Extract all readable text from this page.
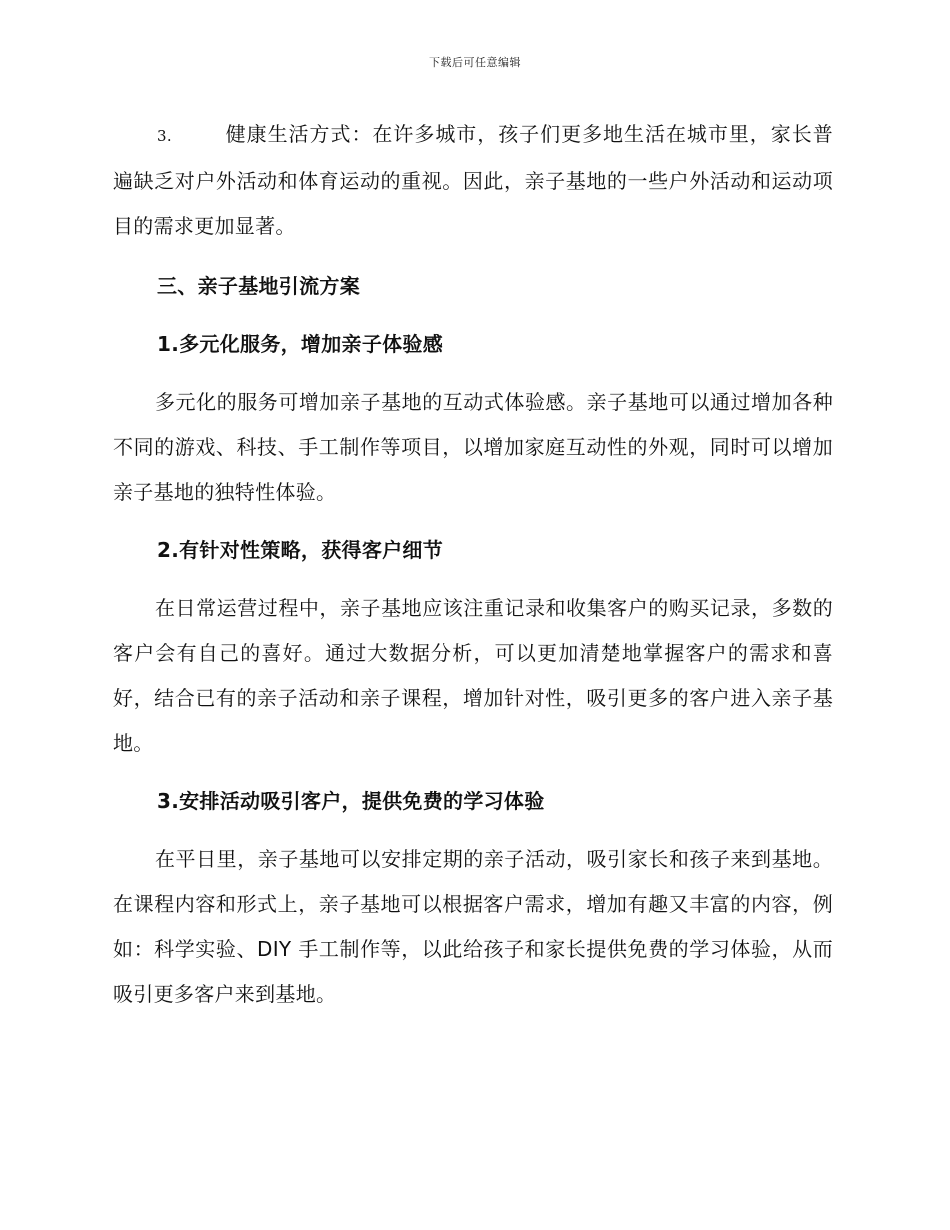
下载后可任意编辑

3.	健康生活方式：在许多城市，孩子们更多地生活在城市里，家长普遍缺乏对户外活动和体育运动的重视。因此，亲子基地的一些户外活动和运动项目的需求更加显著。

三、亲子基地引流方案

1.多元化服务，增加亲子体验感

多元化的服务可增加亲子基地的互动式体验感。亲子基地可以通过增加各种不同的游戏、科技、手工制作等项目，以增加家庭互动性的外观，同时可以增加亲子基地的独特性体验。

2.有针对性策略，获得客户细节

在日常运营过程中，亲子基地应该注重记录和收集客户的购买记录，多数的客户会有自己的喜好。通过大数据分析，可以更加清楚地掌握客户的需求和喜好，结合已有的亲子活动和亲子课程，增加针对性，吸引更多的客户进入亲子基地。

3.安排活动吸引客户，提供免费的学习体验

在平日里，亲子基地可以安排定期的亲子活动，吸引家长和孩子来到基地。在课程内容和形式上，亲子基地可以根据客户需求，增加有趣又丰富的内容，例如：科学实验、DIY 手工制作等，以此给孩子和家长提供免费的学习体验，从而吸引更多客户来到基地。
